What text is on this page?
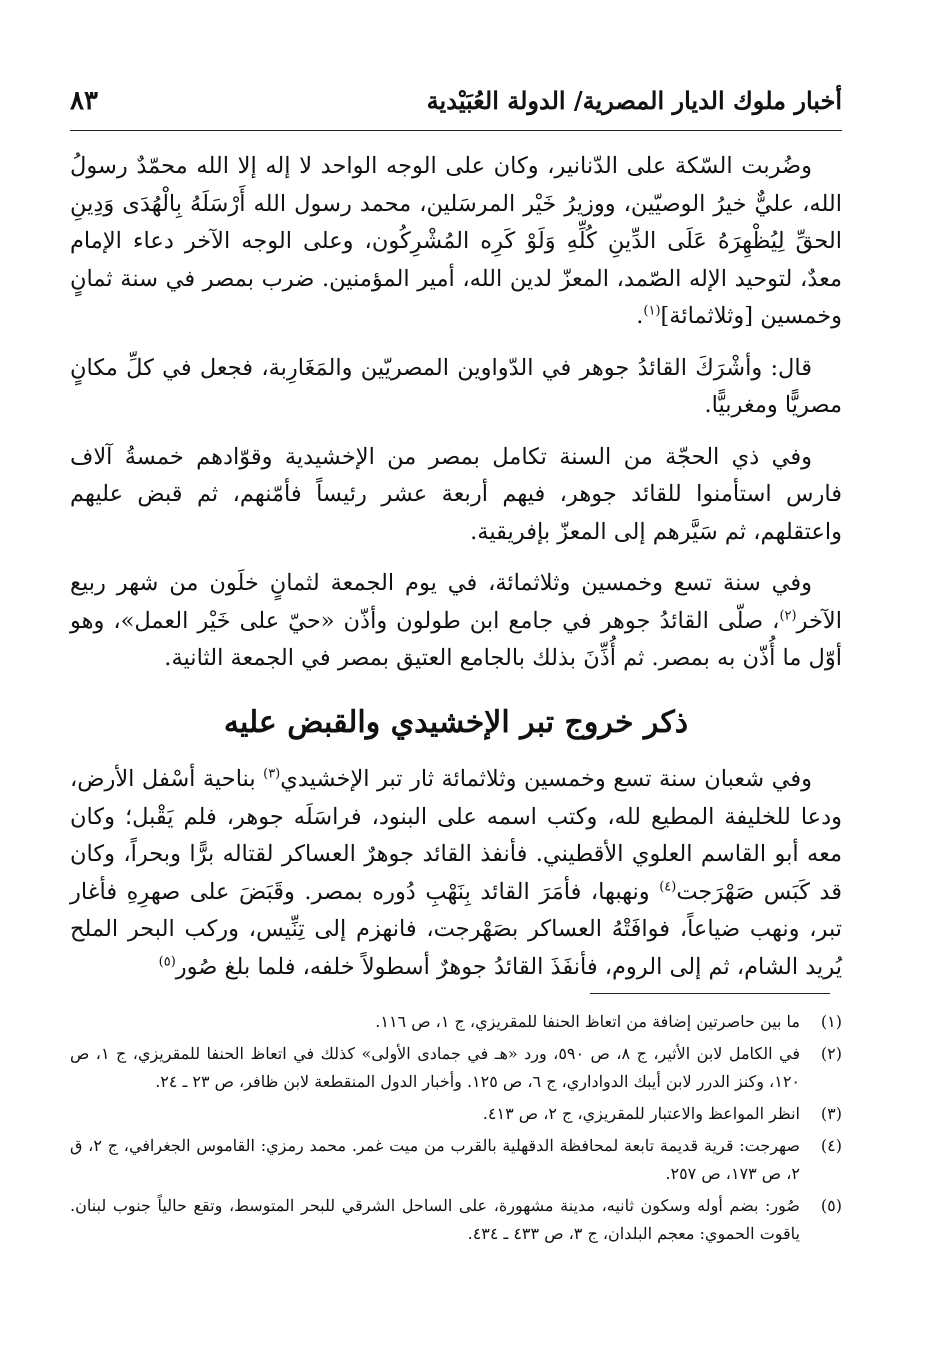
أخبار ملوك الديار المصرية/ الدولة العُبَيْدية
٨٣

وضُربت السّكة على الدّنانير، وكان على الوجه الواحد لا إله إلا الله محمّدٌ رسولُ الله، عليٌّ خيرُ الوصيّين، ووزيرُ خَيْر المرسَلين، محمد رسول الله أَرْسَلَهُ بِالْهُدَى وَدِينِ الحقِّ لِيُظْهِرَهُ عَلَى الدِّينِ كُلِّهِ وَلَوْ كَرِه المُشْرِكُون، وعلى الوجه الآخر دعاء الإمام معدٌ، لتوحيد الإله الصّمد، المعزّ لدين الله، أمير المؤمنين. ضرب بمصر في سنة ثمانٍ وخمسين [وثلاثمائة]$^{(١)}$.

قال: وأشْرَكَ القائدُ جوهر في الدّواوين المصريّين والمَغَارِبة، فجعل في كلِّ مكانٍ مصريًّا ومغربيًّا.

وفي ذي الحجّة من السنة تكامل بمصر من الإخشيدية وقوّادهم خمسةُ آلاف فارس استأمنوا للقائد جوهر، فيهم أربعة عشر رئيساً فأمّنهم، ثم قبض عليهم واعتقلهم، ثم سَيَّرهم إلى المعزّ بإفريقية.

وفي سنة تسع وخمسين وثلاثمائة، في يوم الجمعة لثمانٍ خلَون من شهر ربيع الآخر$^{(٢)}$، صلّى القائدُ جوهر في جامع ابن طولون وأذّن «حيّ على خَيْر العمل»، وهو أوّل ما أُذّن به بمصر. ثم أُذِّنَ بذلك بالجامع العتيق بمصر في الجمعة الثانية.

ذكر خروج تبر الإخشيدي والقبض عليه

وفي شعبان سنة تسع وخمسين وثلاثمائة ثار تبر الإخشيدي$^{(٣)}$ بناحية أسْفل الأرض، ودعا للخليفة المطيع لله، وكتب اسمه على البنود، فراسَلَه جوهر، فلم يَقْبل؛ وكان معه أبو القاسم العلوي الأقطيني. فأنفذ القائد جوهرٌ العساكر لقتاله برًّا وبحراً، وكان قد كَبَس صَهْرَجت$^{(٤)}$ ونهبها، فأمَرَ القائد بِنَهْبِ دُوره بمصر. وقَبَضَ على صهرِهِ فأغار تبر، ونهب ضياعاً، فوافَتْهُ العساكر بصَهْرجت، فانهزم إلى تِنِّيس، وركب البحر الملح يُريد الشام، ثم إلى الروم، فأنفَذَ القائدُ جوهرٌ أسطولاً خلفه، فلما بلغ صُور$^{(٥)}$

(١)
ما بين حاصرتين إضافة من اتعاظ الحنفا للمقريزي، ج ١، ص ١١٦.
(٢)
في الكامل لابن الأثير، ج ٨، ص ٥٩٠، ورد «هـ في جمادى الأولى» كذلك في اتعاظ الحنفا للمقريزي، ج ١، ص ١٢٠، وكنز الدرر لابن أيبك الدواداري، ج ٦، ص ١٢٥. وأخبار الدول المنقطعة لابن ظافر، ص ٢٣ ـ ٢٤.
(٣)
انظر المواعظ والاعتبار للمقريزي، ج ٢، ص ٤١٣.
(٤)
صهرجت: قرية قديمة تابعة لمحافظة الدقهلية بالقرب من ميت غمر. محمد رمزي: القاموس الجغرافي، ج ٢، ق ٢، ص ١٧٣، ص ٢٥٧.
(٥)
صُور: بضم أوله وسكون ثانيه، مدينة مشهورة، على الساحل الشرقي للبحر المتوسط، وتقع حالياً جنوب لبنان. ياقوت الحموي: معجم البلدان، ج ٣، ص ٤٣٣ ـ ٤٣٤.
